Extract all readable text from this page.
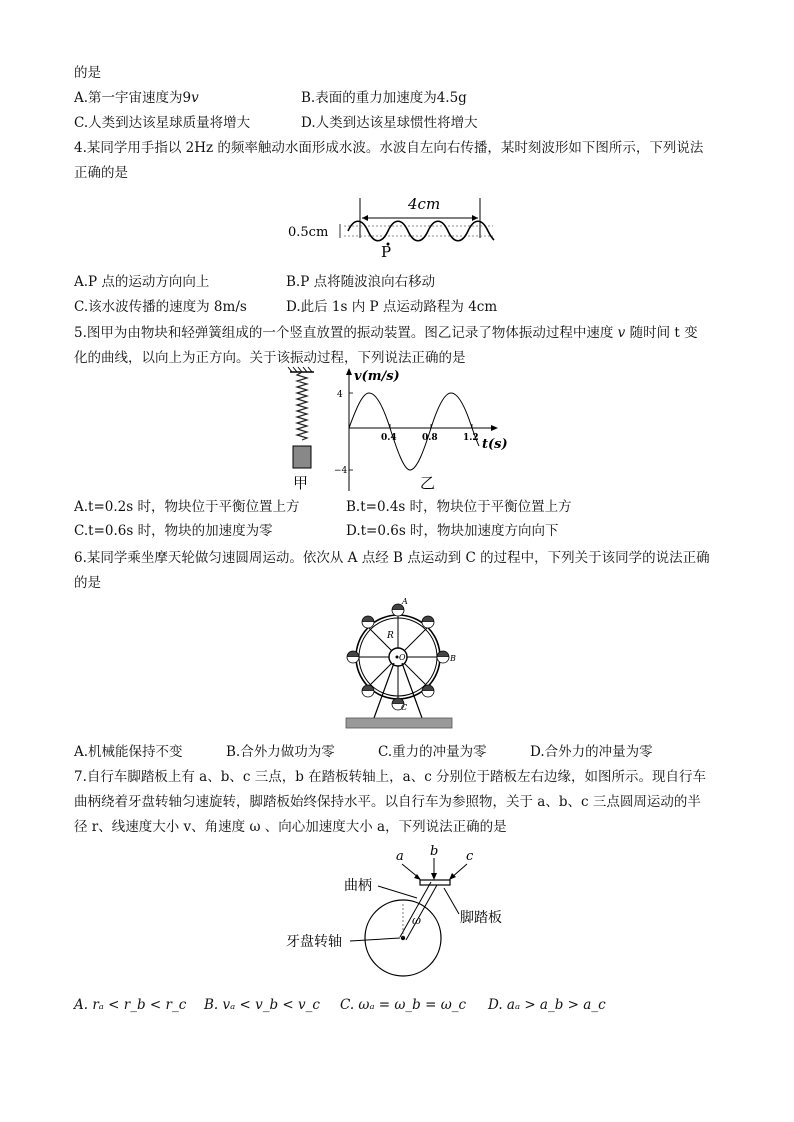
的是
A.第一宇宙速度为9v	B.表面的重力加速度为4.5g
C.人类到达该星球质量将增大	D.人类到达该星球惯性将增大
4.某同学用手指以 2Hz 的频率触动水面形成水波。水波自左向右传播，某时刻波形如下图所示，下列说法
正确的是
4cm
0.5cm
P
A.P 点的运动方向向上	B.P 点将随波浪向右移动
C.该水波传播的速度为 8m/s	D.此后 1s 内 P 点运动路程为 4cm
5.图甲为由物块和轻弹簧组成的一个竖直放置的振动装置。图乙记录了物体振动过程中速度 v 随时间 t 变
化的曲线，以向上为正方向。关于该振动过程，下列说法正确的是
甲
v(m/s)
t(s)
4
−4
0.4	0.8	1.2
乙
A.t=0.2s 时，物块位于平衡位置上方	B.t=0.4s 时，物块位于平衡位置上方
C.t=0.6s 时，物块的加速度为零	D.t=0.6s 时，物块加速度方向向下
6.某同学乘坐摩天轮做匀速圆周运动。依次从 A 点经 B 点运动到 C 的过程中，下列关于该同学的说法正确
的是
R
O
A
B
C
A.机械能保持不变	B.合外力做功为零	C.重力的冲量为零	D.合外力的冲量为零
7.自行车脚踏板上有 a、b、c 三点，b 在踏板转轴上，a、c 分别位于踏板左右边缘，如图所示。现自行车
曲柄绕着牙盘转轴匀速旋转，脚踏板始终保持水平。以自行车为参照物，关于 a、b、c 三点圆周运动的半
径 r、线速度大小 v、角速度 ω 、向心加速度大小 a，下列说法正确的是
a b c
ω
曲柄
脚踏板
牙盘转轴
A. rₐ < r_b < r_c B. vₐ < v_b < v_c C. ωₐ = ω_b = ω_c D. aₐ > a_b > a_c
